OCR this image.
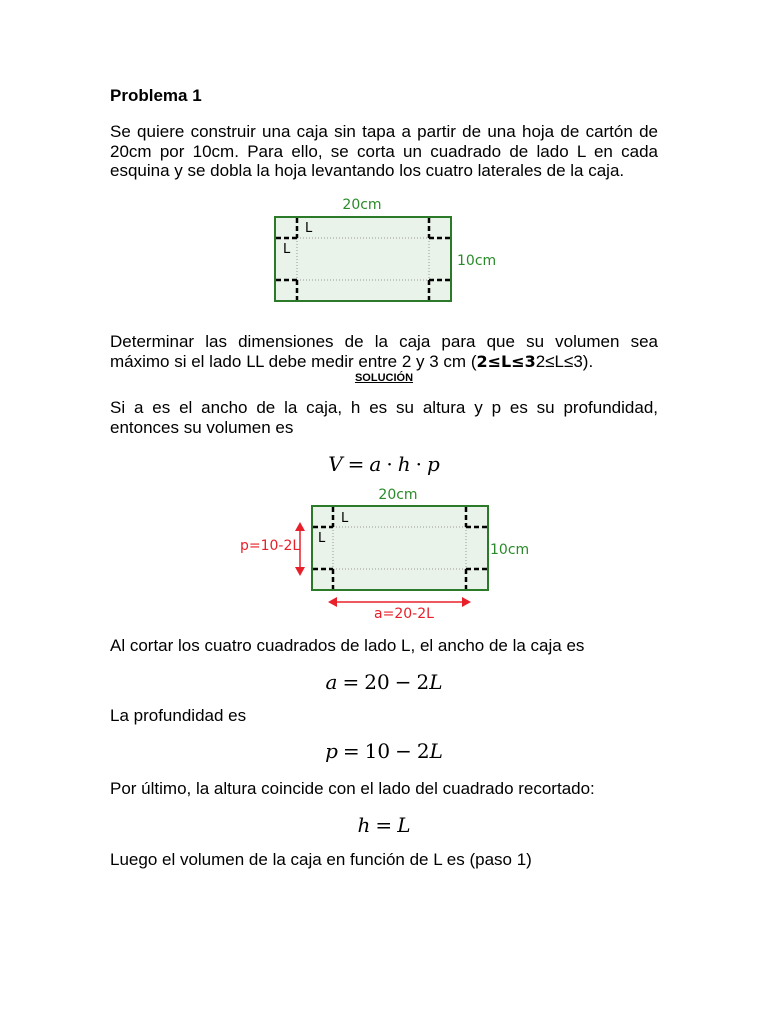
Problema 1
Se quiere construir una caja sin tapa a partir de una hoja de cartón de 20cm por 10cm. Para ello, se corta un cuadrado de lado L en cada esquina y se dobla la hoja levantando los cuatro laterales de la caja.
20cm
10cm
L
L
Determinar las dimensiones de la caja para que su volumen sea máximo si el lado LL debe medir entre 2 y 3 cm (2≤L≤32≤L≤3).
SOLUCIÓN
Si a es el ancho de la caja, h es su altura y p es su profundidad, entonces su volumen es
V = a · h · p
20cm
10cm
L
L
p=10-2L
a=20-2L
Al cortar los cuatro cuadrados de lado L, el ancho de la caja es
a = 20 − 2L
La profundidad es
p = 10 − 2L
Por último, la altura coincide con el lado del cuadrado recortado:
h = L
Luego el volumen de la caja en función de L es (paso 1)
